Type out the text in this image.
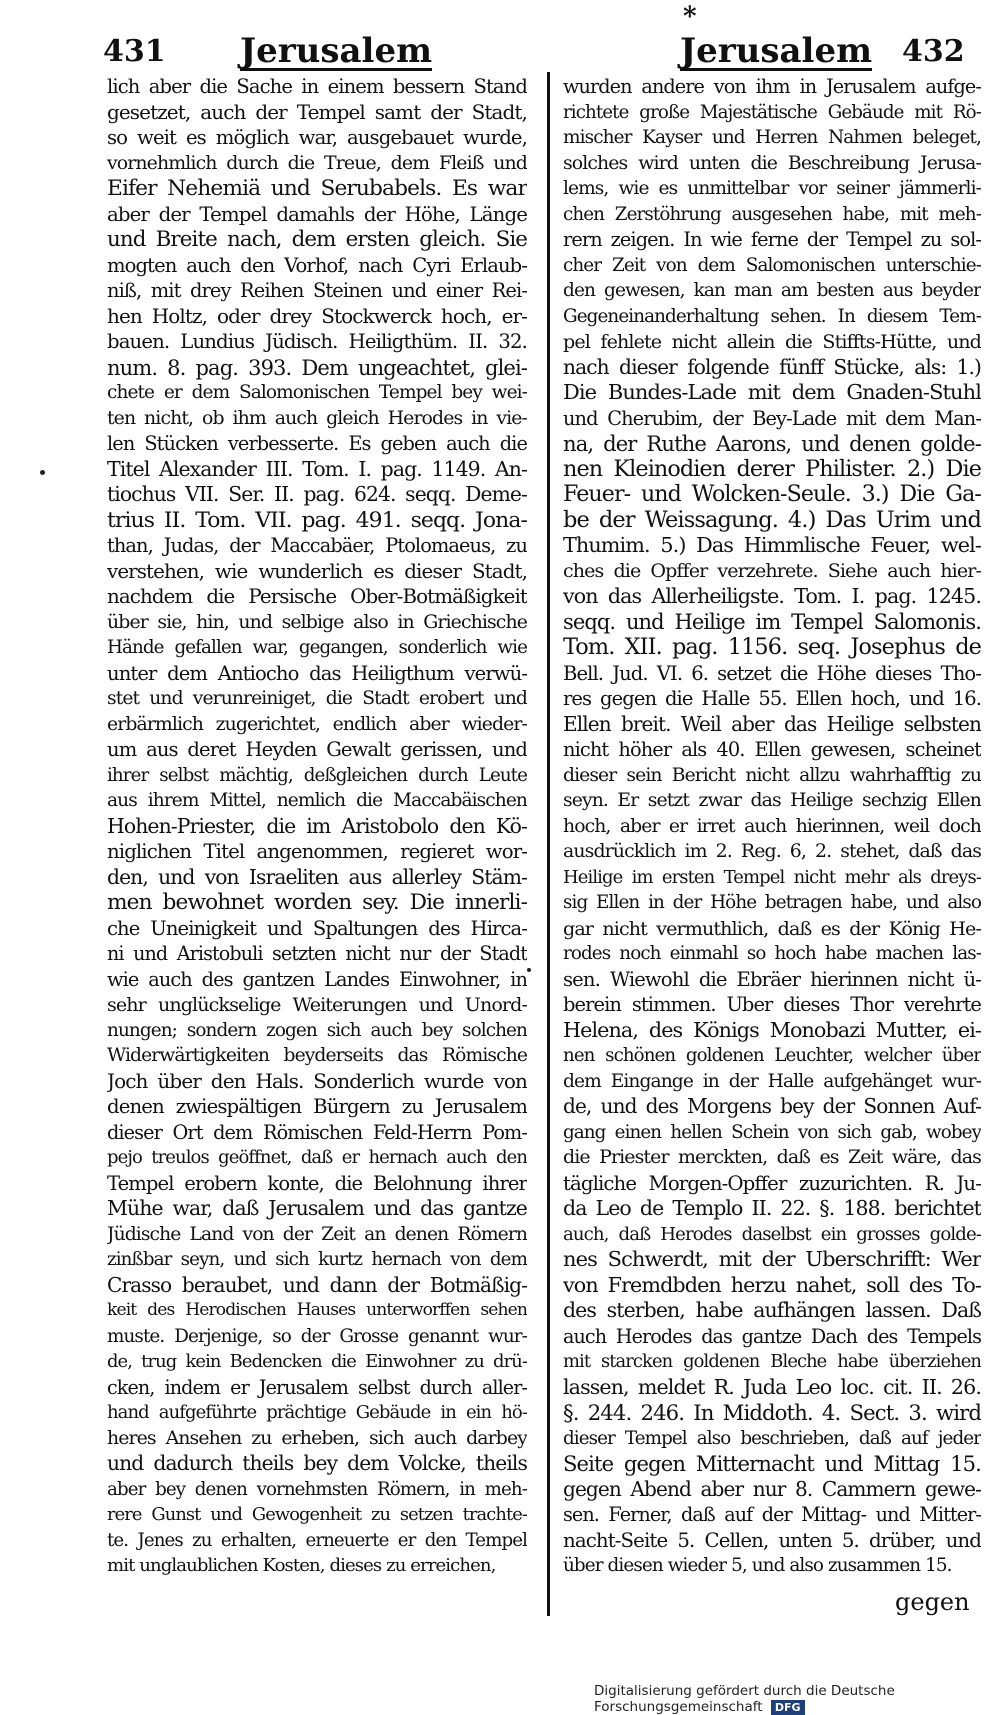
*
431 Jerusalem	Jerusalem 432
lich aber die Sache in einem bessern Stand
gesetzet, auch der Tempel samt der Stadt,
so weit es möglich war, ausgebauet wurde,
vornehmlich durch die Treue, dem Fleiß und
Eifer Nehemiä und Serubabels. Es war
aber der Tempel damahls der Höhe, Länge
und Breite nach, dem ersten gleich. Sie
mogten auch den Vorhof, nach Cyri Erlaub-
niß, mit drey Reihen Steinen und einer Rei-
hen Holtz, oder drey Stockwerck hoch, er-
bauen. Lundius Jüdisch. Heiligthüm. II. 32.
num. 8. pag. 393. Dem ungeachtet, glei-
chete er dem Salomonischen Tempel bey wei-
ten nicht, ob ihm auch gleich Herodes in vie-
len Stücken verbesserte. Es geben auch die
Titel Alexander III. Tom. I. pag. 1149. An-
tiochus VII. Ser. II. pag. 624. seqq. Deme-
trius II. Tom. VII. pag. 491. seqq. Jona-
than, Judas, der Maccabäer, Ptolomaeus, zu
verstehen, wie wunderlich es dieser Stadt,
nachdem die Persische Ober-Botmäßigkeit
über sie, hin, und selbige also in Griechische
Hände gefallen war, gegangen, sonderlich wie
unter dem Antiocho das Heiligthum verwü-
stet und verunreiniget, die Stadt erobert und
erbärmlich zugerichtet, endlich aber wieder-
um aus deret Heyden Gewalt gerissen, und
ihrer selbst mächtig, deßgleichen durch Leute
aus ihrem Mittel, nemlich die Maccabäischen
Hohen-Priester, die im Aristobolo den Kö-
niglichen Titel angenommen, regieret wor-
den, und von Israeliten aus allerley Stäm-
men bewohnet worden sey. Die innerli-
che Uneinigkeit und Spaltungen des Hirca-
ni und Aristobuli setzten nicht nur der Stadt
wie auch des gantzen Landes Einwohner, in
sehr unglückselige Weiterungen und Unord-
nungen; sondern zogen sich auch bey solchen
Widerwärtigkeiten beyderseits das Römische
Joch über den Hals. Sonderlich wurde von
denen zwiespältigen Bürgern zu Jerusalem
dieser Ort dem Römischen Feld-Herrn Pom-
pejo treulos geöffnet, daß er hernach auch den
Tempel erobern konte, die Belohnung ihrer
Mühe war, daß Jerusalem und das gantze
Jüdische Land von der Zeit an denen Römern
zinßbar seyn, und sich kurtz hernach von dem
Crasso beraubet, und dann der Botmäßig-
keit des Herodischen Hauses unterworffen sehen
muste. Derjenige, so der Grosse genannt wur-
de, trug kein Bedencken die Einwohner zu drü-
cken, indem er Jerusalem selbst durch aller-
hand aufgeführte prächtige Gebäude in ein hö-
heres Ansehen zu erheben, sich auch darbey
und dadurch theils bey dem Volcke, theils
aber bey denen vornehmsten Römern, in meh-
rere Gunst und Gewogenheit zu setzen trachte-
te. Jenes zu erhalten, erneuerte er den Tempel
mit unglaublichen Kosten, dieses zu erreichen,
wurden andere von ihm in Jerusalem aufge-
richtete große Majestätische Gebäude mit Rö-
mischer Kayser und Herren Nahmen beleget,
solches wird unten die Beschreibung Jerusa-
lems, wie es unmittelbar vor seiner jämmerli-
chen Zerstöhrung ausgesehen habe, mit meh-
rern zeigen. In wie ferne der Tempel zu sol-
cher Zeit von dem Salomonischen unterschie-
den gewesen, kan man am besten aus beyder
Gegeneinanderhaltung sehen. In diesem Tem-
pel fehlete nicht allein die Stiffts-Hütte, und
nach dieser folgende fünff Stücke, als: 1.)
Die Bundes-Lade mit dem Gnaden-Stuhl
und Cherubim, der Bey-Lade mit dem Man-
na, der Ruthe Aarons, und denen golde-
nen Kleinodien derer Philister. 2.) Die
Feuer- und Wolcken-Seule. 3.) Die Ga-
be der Weissagung. 4.) Das Urim und
Thumim. 5.) Das Himmlische Feuer, wel-
ches die Opffer verzehrete. Siehe auch hier-
von das Allerheiligste. Tom. I. pag. 1245.
seqq. und Heilige im Tempel Salomonis.
Tom. XII. pag. 1156. seq. Josephus de
Bell. Jud. VI. 6. setzet die Höhe dieses Tho-
res gegen die Halle 55. Ellen hoch, und 16.
Ellen breit. Weil aber das Heilige selbsten
nicht höher als 40. Ellen gewesen, scheinet
dieser sein Bericht nicht allzu wahrhafftig zu
seyn. Er setzt zwar das Heilige sechzig Ellen
hoch, aber er irret auch hierinnen, weil doch
ausdrücklich im 2. Reg. 6, 2. stehet, daß das
Heilige im ersten Tempel nicht mehr als dreys-
sig Ellen in der Höhe betragen habe, und also
gar nicht vermuthlich, daß es der König He-
rodes noch einmahl so hoch habe machen las-
sen. Wiewohl die Ebräer hierinnen nicht ü-
berein stimmen. Uber dieses Thor verehrte
Helena, des Königs Monobazi Mutter, ei-
nen schönen goldenen Leuchter, welcher über
dem Eingange in der Halle aufgehänget wur-
de, und des Morgens bey der Sonnen Auf-
gang einen hellen Schein von sich gab, wobey
die Priester merckten, daß es Zeit wäre, das
tägliche Morgen-Opffer zuzurichten. R. Ju-
da Leo de Templo II. 22. §. 188. berichtet
auch, daß Herodes daselbst ein grosses golde-
nes Schwerdt, mit der Uberschrifft: Wer
von Fremdbden herzu nahet, soll des To-
des sterben, habe aufhängen lassen. Daß
auch Herodes das gantze Dach des Tempels
mit starcken goldenen Bleche habe überziehen
lassen, meldet R. Juda Leo loc. cit. II. 26.
§. 244. 246. In Middoth. 4. Sect. 3. wird
dieser Tempel also beschrieben, daß auf jeder
Seite gegen Mitternacht und Mittag 15.
gegen Abend aber nur 8. Cammern gewe-
sen. Ferner, daß auf der Mittag- und Mitter-
nacht-Seite 5. Cellen, unten 5. drüber, und
über diesen wieder 5, und also zusammen 15.
gegen
Digitalisierung gefördert durch die Deutsche Forschungsgemeinschaft DFG
